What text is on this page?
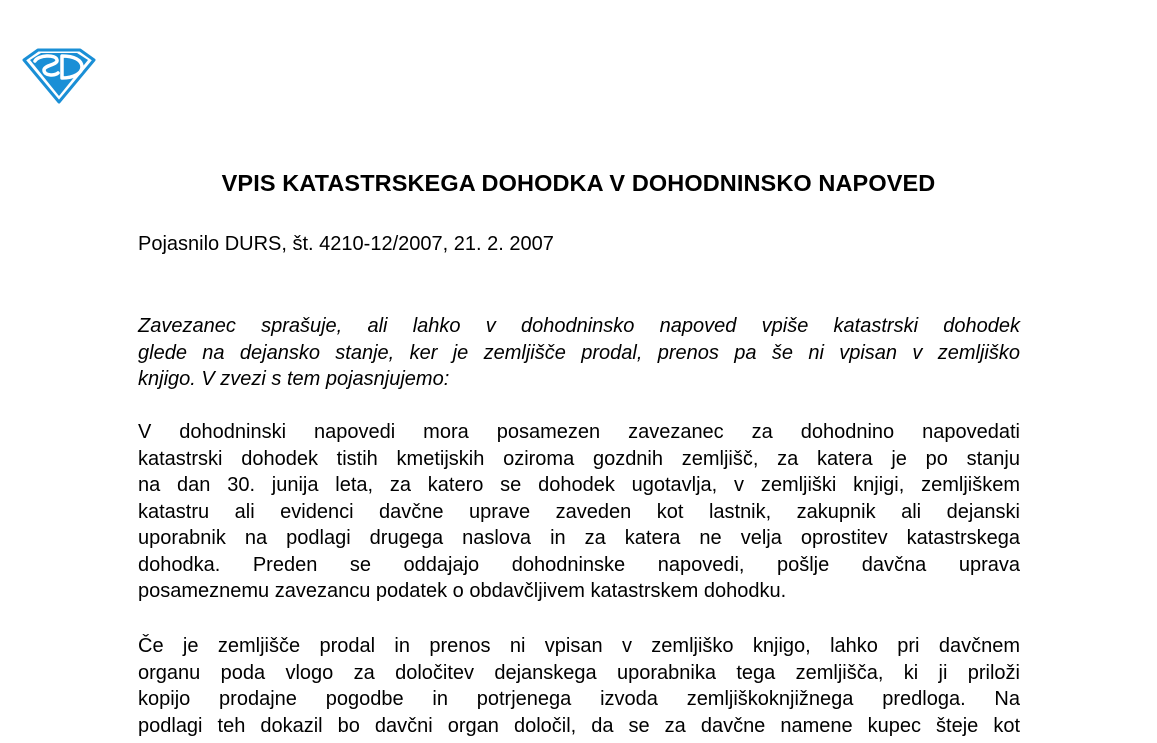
VPIS KATASTRSKEGA DOHODKA V DOHODNINSKO NAPOVED

Pojasnilo DURS, št. 4210-12/2007, 21. 2. 2007

Zavezanec sprašuje, ali lahko v dohodninsko napoved vpiše katastrski dohodek
glede na dejansko stanje, ker je zemljišče prodal, prenos pa še ni vpisan v zemljiško
knjigo. V zvezi s tem pojasnjujemo:
V dohodninski napovedi mora posamezen zavezanec za dohodnino napovedati
katastrski dohodek tistih kmetijskih oziroma gozdnih zemljišč, za katera je po stanju
na dan 30. junija leta, za katero se dohodek ugotavlja, v zemljiški knjigi, zemljiškem
katastru ali evidenci davčne uprave zaveden kot lastnik, zakupnik ali dejanski
uporabnik na podlagi drugega naslova in za katera ne velja oprostitev katastrskega
dohodka. Preden se oddajajo dohodninske napovedi, pošlje davčna uprava
posameznemu zavezancu podatek o obdavčljivem katastrskem dohodku.
Če je zemljišče prodal in prenos ni vpisan v zemljiško knjigo, lahko pri davčnem
organu poda vlogo za določitev dejanskega uporabnika tega zemljišča, ki ji priloži
kopijo prodajne pogodbe in potrjenega izvoda zemljiškoknjižnega predloga. Na
podlagi teh dokazil bo davčni organ določil, da se za davčne namene kupec šteje kot
